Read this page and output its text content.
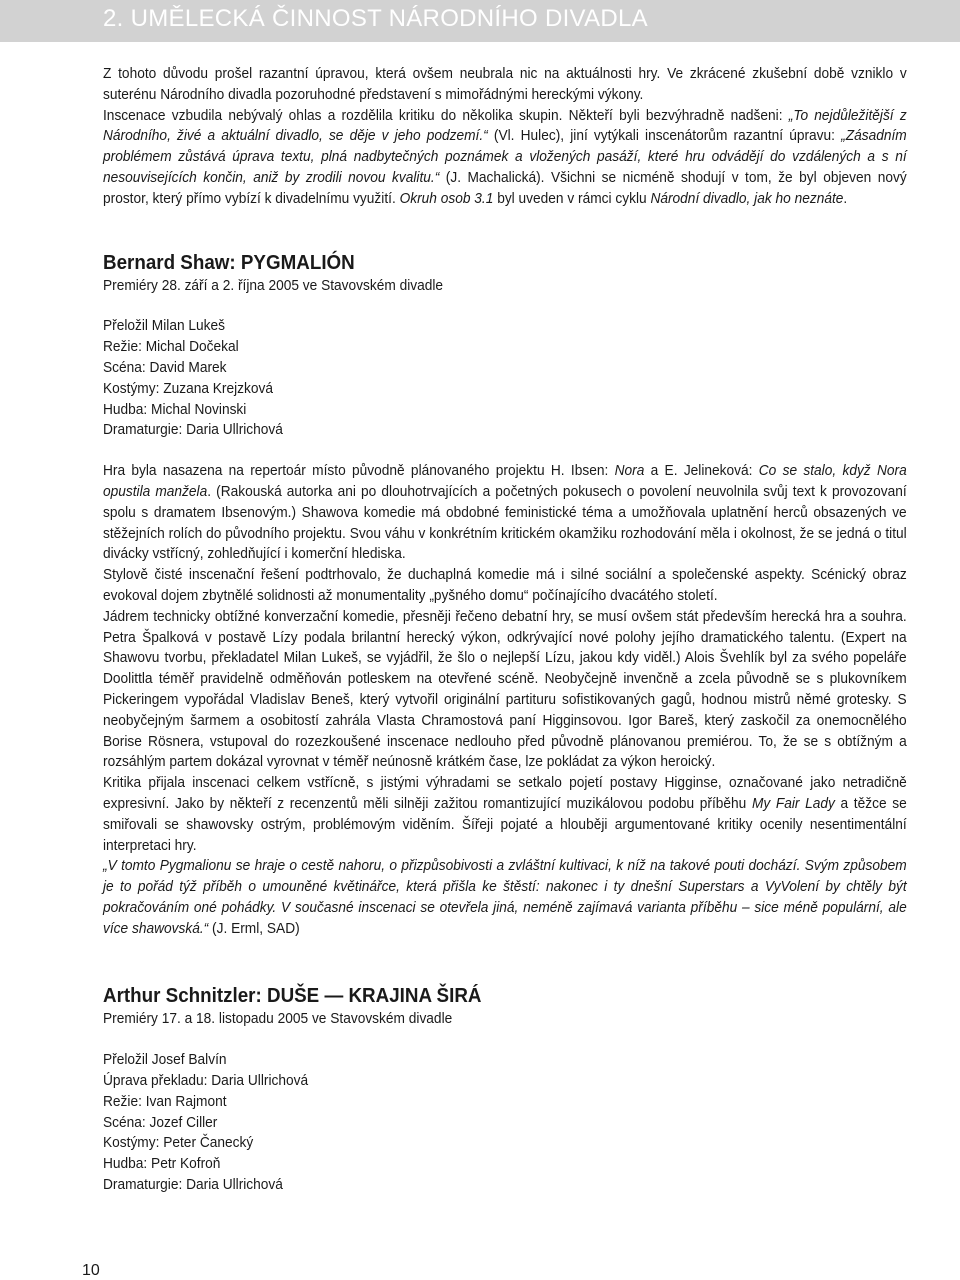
2. UMĚLECKÁ ČINNOST NÁRODNÍHO DIVADLA

Z tohoto důvodu prošel razantní úpravou, která ovšem neubrala nic na aktuálnosti hry. Ve zkrácené zkušební době vzniklo v suterénu Národního divadla pozoruhodné představení s mimořádnými hereckými výkony.

Inscenace vzbudila nebývalý ohlas a rozdělila kritiku do několika skupin. Někteří byli bezvýhradně nadšeni: „To nejdůležitější z Národního, živé a aktuální divadlo, se děje v jeho podzemí.“ (Vl. Hulec), jiní vytýkali inscenátorům razantní úpravu: „Zásadním problémem zůstává úprava textu, plná nadbytečných poznámek a vložených pasáží, které hru odvádějí do vzdálených a s ní nesouvisejících končin, aniž by zrodili novou kvalitu.“ (J. Machalická). Všichni se nicméně shodují v tom, že byl objeven nový prostor, který přímo vybízí k divadelnímu využití. Okruh osob 3.1 byl uveden v rámci cyklu Národní divadlo, jak ho neznáte.

Bernard Shaw: PYGMALIÓN

Premiéry 28. září a 2. října 2005 ve Stavovském divadle

Přeložil Milan Lukeš

Režie: Michal Dočekal

Scéna: David Marek

Kostýmy: Zuzana Krejzková

Hudba: Michal Novinski

Dramaturgie: Daria Ullrichová

Hra byla nasazena na repertoár místo původně plánovaného projektu H. Ibsen: Nora a E. Jelineková: Co se stalo, když Nora opustila manžela. (Rakouská autorka ani po dlouhotrvajících a početných pokusech o povolení neuvolnila svůj text k provozovaní spolu s dramatem Ibsenovým.) Shawova komedie má obdobné feministické téma a umožňovala uplatnění herců obsazených ve stěžejních rolích do původního projektu. Svou váhu v konkrétním kritickém okamžiku rozhodování měla i okolnost, že se jedná o titul divácky vstřícný, zohledňující i komerční hlediska.

Stylově čisté inscenační řešení podtrhovalo, že duchaplná komedie má i silné sociální a společenské aspekty. Scénický obraz evokoval dojem zbytnělé solidnosti až monumentality „pyšného domu“ počínajícího dvacátého století.

Jádrem technicky obtížné konverzační komedie, přesněji řečeno debatní hry, se musí ovšem stát především herecká hra a souhra. Petra Špalková v postavě Lízy podala brilantní herecký výkon, odkrývající nové polohy jejího dramatického talentu. (Expert na Shawovu tvorbu, překladatel Milan Lukeš, se vyjádřil, že šlo o nejlepší Lízu, jakou kdy viděl.) Alois Švehlík byl za svého popeláře Doolittla téměř pravidelně odměňován potleskem na otevřené scéně. Neobyčejně invenčně a zcela původně se s plukovníkem Pickeringem vypořádal Vladislav Beneš, který vytvořil originální partituru sofistikovaných gagů, hodnou mistrů němé grotesky. S neobyčejným šarmem a osobitostí zahrála Vlasta Chramostová paní Higginsovou. Igor Bareš, který zaskočil za onemocnělého Borise Rösnera, vstupoval do rozezkoušené inscenace nedlouho před původně plánovanou premiérou. To, že se s obtížným a rozsáhlým partem dokázal vyrovnat v téměř neúnosně krátkém čase, lze pokládat za výkon heroický.

Kritika přijala inscenaci celkem vstřícně, s jistými výhradami se setkalo pojetí postavy Higginse, označované jako netradičně expresivní. Jako by někteří z recenzentů měli silněji zažitou romantizující muzikálovou podobu příběhu My Fair Lady a těžce se smiřovali se shawovsky ostrým, problémovým viděním. Šířeji pojaté a hlouběji argumentované kritiky ocenily nesentimentální interpretaci hry.

„V tomto Pygmalionu se hraje o cestě nahoru, o přizpůsobivosti a zvláštní kultivaci, k níž na takové pouti dochází. Svým způsobem je to pořád týž příběh o umouněné květinářce, která přišla ke štěstí: nakonec i ty dnešní Superstars a VyVolení by chtěly být pokračováním oné pohádky. V současné inscenaci se otevřela jiná, neméně zajímavá varianta příběhu – sice méně populární, ale více shawovská.“ (J. Erml, SAD)

Arthur Schnitzler: DUŠE — KRAJINA ŠIRÁ

Premiéry 17. a 18. listopadu 2005 ve Stavovském divadle

Přeložil Josef Balvín

Úprava překladu: Daria Ullrichová

Režie: Ivan Rajmont

Scéna: Jozef Ciller

Kostýmy: Peter Čanecký

Hudba: Petr Kofroň

Dramaturgie: Daria Ullrichová

10
